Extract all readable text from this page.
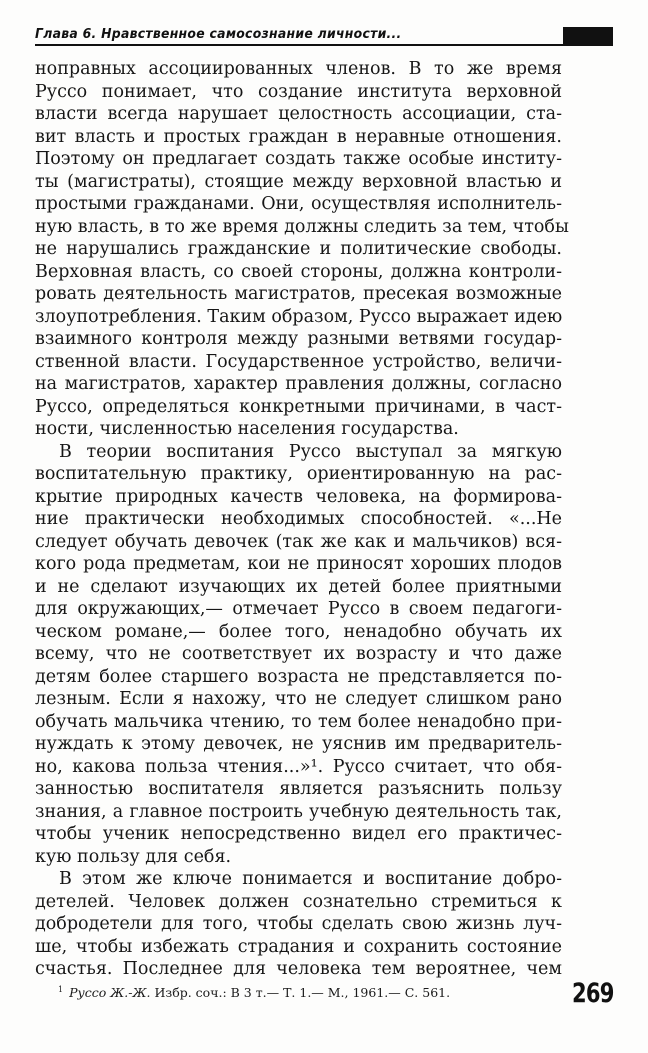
Глава 6. Нравственное самосознание личности...
ноправных ассоциированных членов. В то же время
Руссо понимает, что создание института верховной
власти всегда нарушает целостность ассоциации, ста-
вит власть и простых граждан в неравные отношения.
Поэтому он предлагает создать также особые институ-
ты (магистраты), стоящие между верховной властью и
простыми гражданами. Они, осуществляя исполнитель-
ную власть, в то же время должны следить за тем, чтобы
не нарушались гражданские и политические свободы.
Верховная власть, со своей стороны, должна контроли-
ровать деятельность магистратов, пресекая возможные
злоупотребления. Таким образом, Руссо выражает идею
взаимного контроля между разными ветвями государ-
ственной власти. Государственное устройство, величи-
на магистратов, характер правления должны, согласно
Руссо, определяться конкретными причинами, в част-
ности, численностью населения государства.
В теории воспитания Руссо выступал за мягкую
воспитательную практику, ориентированную на рас-
крытие природных качеств человека, на формирова-
ние практически необходимых способностей. «...Не
следует обучать девочек (так же как и мальчиков) вся-
кого рода предметам, кои не приносят хороших плодов
и не сделают изучающих их детей более приятными
для окружающих,— отмечает Руссо в своем педагоги-
ческом романе,— более того, ненадобно обучать их
всему, что не соответствует их возрасту и что даже
детям более старшего возраста не представляется по-
лезным. Если я нахожу, что не следует слишком рано
обучать мальчика чтению, то тем более ненадобно при-
нуждать к этому девочек, не уяснив им предваритель-
но, какова польза чтения...»¹. Руссо считает, что обя-
занностью воспитателя является разъяснить пользу
знания, а главное построить учебную деятельность так,
чтобы ученик непосредственно видел его практичес-
кую пользу для себя.
В этом же ключе понимается и воспитание добро-
детелей. Человек должен сознательно стремиться к
добродетели для того, чтобы сделать свою жизнь луч-
ше, чтобы избежать страдания и сохранить состояние
счастья. Последнее для человека тем вероятнее, чем
$^1$ Руссо Ж.-Ж. Избр. соч.: В 3 т.— Т. 1.— М., 1961.— С. 561.	269
